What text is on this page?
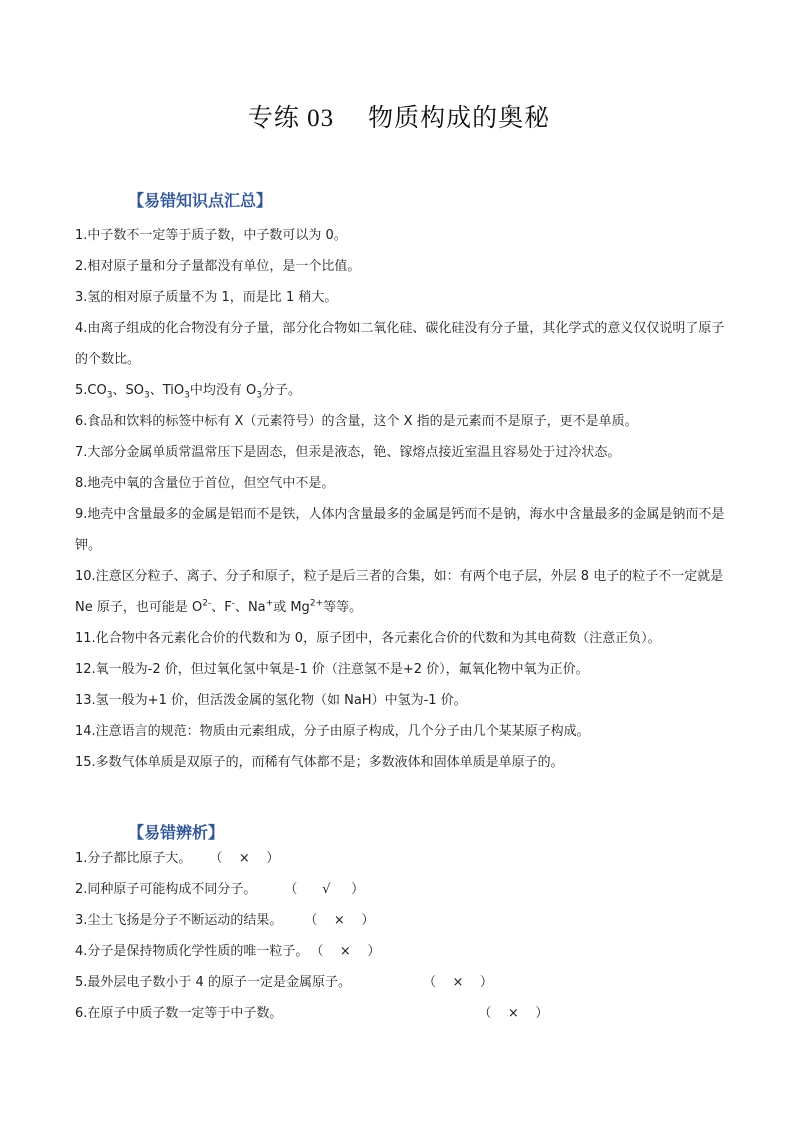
专练 03 物质构成的奥秘
【易错知识点汇总】
1.中子数不一定等于质子数，中子数可以为 0。
2.相对原子量和分子量都没有单位，是一个比值。
3.氢的相对原子质量不为 1，而是比 1 稍大。
4.由离子组成的化合物没有分子量，部分化合物如二氧化硅、碳化硅没有分子量，其化学式的意义仅仅说明了原子的个数比。
$5.CO_3$、$SO_3$、TiO$_3$中均没有 $O_3$分子。
6.食品和饮料的标签中标有 X（元素符号）的含量，这个 X 指的是元素而不是原子，更不是单质。
7.大部分金属单质常温常压下是固态，但汞是液态，铯、镓熔点接近室温且容易处于过冷状态。
8.地壳中氧的含量位于首位，但空气中不是。
9.地壳中含量最多的金属是铝而不是铁，人体内含量最多的金属是钙而不是钠，海水中含量最多的金属是钠而不是钾。
10.注意区分粒子、离子、分子和原子，粒子是后三者的合集，如：有两个电子层，外层 8 电子的粒子不一定就是 Ne 原子，也可能是 $O^{2-}$、F-、Na+或 $Mg^{2+}$等等。
11.化合物中各元素化合价的代数和为 0，原子团中，各元素化合价的代数和为其电荷数（注意正负）。
12.氧一般为-2 价，但过氧化氢中氧是-1 价（注意氢不是+2 价），氟氧化物中氧为正价。
13.氢一般为+1 价，但活泼金属的氢化物（如 NaH）中氢为-1 价。
14.注意语言的规范：物质由元素组成，分子由原子构成，几个分子由几个某某原子构成。
15.多数气体单质是双原子的，而稀有气体都不是；多数液体和固体单质是单原子的。
【易错辨析】
1.分子都比原子大。 （    ×    ）
2.同种原子可能构成不同分子。 （      √     ）
3.尘土飞扬是分子不断运动的结果。 （    ×    ）
4.分子是保持物质化学性质的唯一粒子。 （    ×    ）
5.最外层电子数小于 4 的原子一定是金属原子。	（    ×    ）
6.在原子中质子数一定等于中子数。	（    ×    ）
